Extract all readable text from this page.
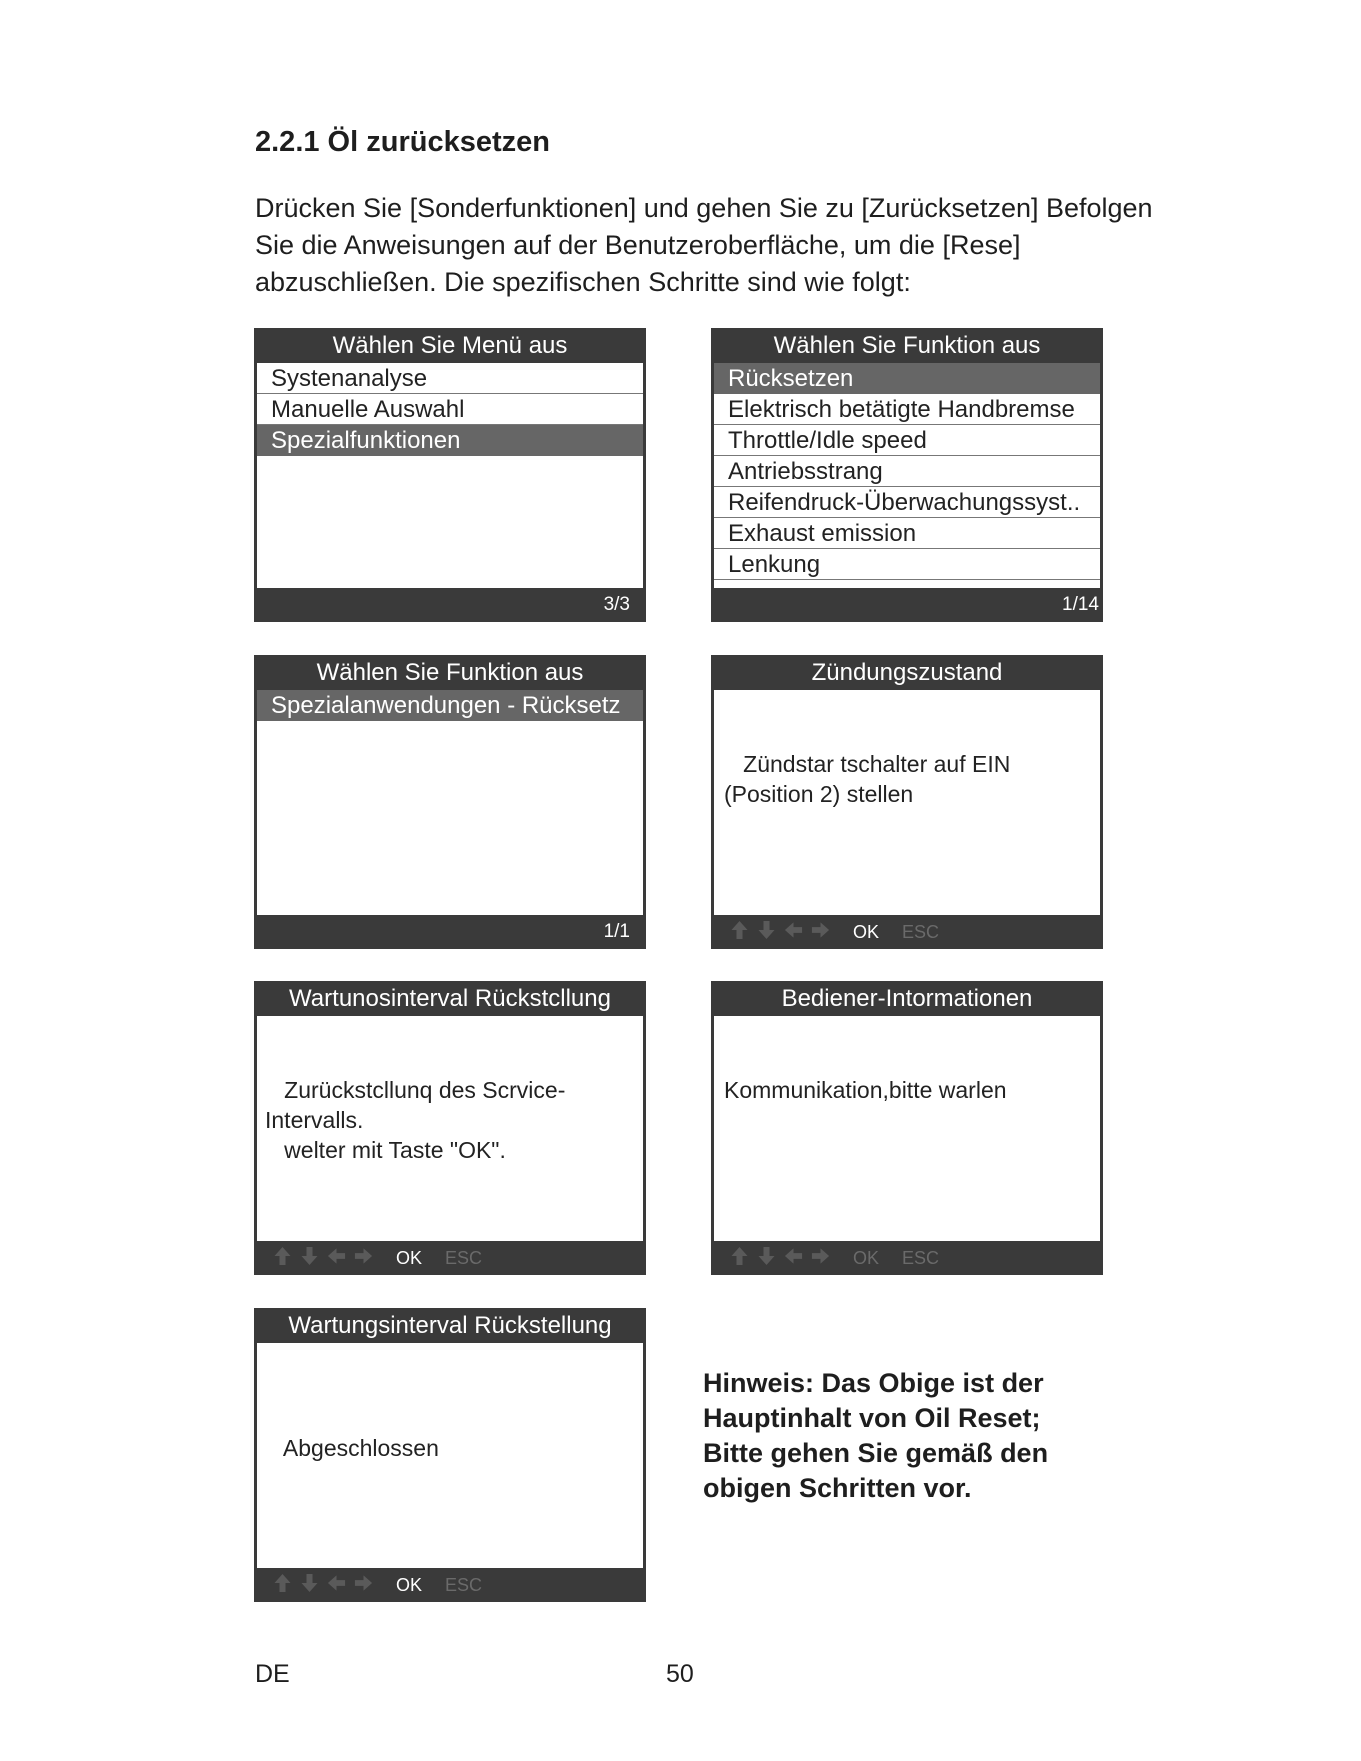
2.2.1 Öl zurücksetzen

Drücken Sie [Sonderfunktionen] und gehen Sie zu [Zurücksetzen] Befolgen Sie die Anweisungen auf der Benutzeroberfläche, um die [Rese] abzuschließen. Die spezifischen Schritte sind wie folgt:

Wählen Sie Menü aus
Systenanalyse
Manuelle Auswahl
Spezialfunktionen
3/3
Wählen Sie Funktion aus
Rücksetzen
Elektrisch betätigte Handbremse
Throttle/Idle speed
Antriebsstrang
Reifendruck-Überwachungssyst..
Exhaust emission
Lenkung
1/14
Wählen Sie Funktion aus
Spezialanwendungen - Rücksetz
1/1
Zündungszustand
Zündstar tschalter auf EIN
(Position 2) stellen
OK ESC
Wartunosinterval Rückstcllung
Zurückstcllunq des Scrvice-
Intervalls.
welter mit Taste "OK".
OK ESC
Bediener-Intormationen
Kommunikation,bitte warlen
OK ESC
Wartungsinterval Rückstellung
Abgeschlossen
OK ESC

Hinweis: Das Obige ist der Hauptinhalt von Oil Reset; Bitte gehen Sie gemäß den obigen Schritten vor.

DE	50
